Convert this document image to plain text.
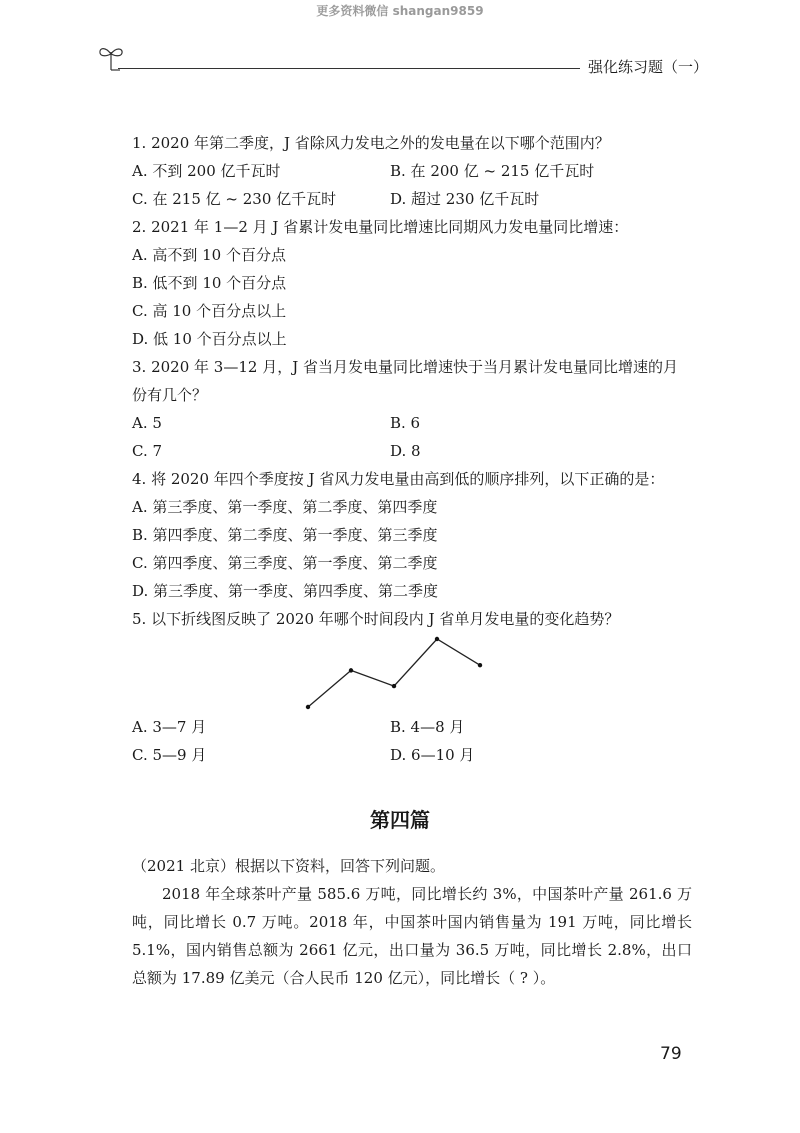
更多资料微信 shangan9859
强化练习题（一）
1. 2020 年第二季度，J 省除风力发电之外的发电量在以下哪个范围内？
A. 不到 200 亿千瓦时	B. 在 200 亿 ~ 215 亿千瓦时
C. 在 215 亿 ~ 230 亿千瓦时	D. 超过 230 亿千瓦时
2. 2021 年 1—2 月 J 省累计发电量同比增速比同期风力发电量同比增速：
A. 高不到 10 个百分点
B. 低不到 10 个百分点
C. 高 10 个百分点以上
D. 低 10 个百分点以上
3. 2020 年 3—12 月，J 省当月发电量同比增速快于当月累计发电量同比增速的月
份有几个？
A. 5	B. 6
C. 7	D. 8
4. 将 2020 年四个季度按 J 省风力发电量由高到低的顺序排列，以下正确的是：
A. 第三季度、第一季度、第二季度、第四季度
B. 第四季度、第二季度、第一季度、第三季度
C. 第四季度、第三季度、第一季度、第二季度
D. 第三季度、第一季度、第四季度、第二季度
5. 以下折线图反映了 2020 年哪个时间段内 J 省单月发电量的变化趋势？
A. 3—7 月	B. 4—8 月
C. 5—9 月	D. 6—10 月
第四篇

（2021 北京）根据以下资料，回答下列问题。

2018 年全球茶叶产量 585.6 万吨，同比增长约 3%，中国茶叶产量 261.6 万吨，同比增长 0.7 万吨。2018 年，中国茶叶国内销售量为 191 万吨，同比增长 5.1%，国内销售总额为 2661 亿元，出口量为 36.5 万吨，同比增长 2.8%，出口总额为 17.89 亿美元（合人民币 120 亿元），同比增长（ ? ）。

79
